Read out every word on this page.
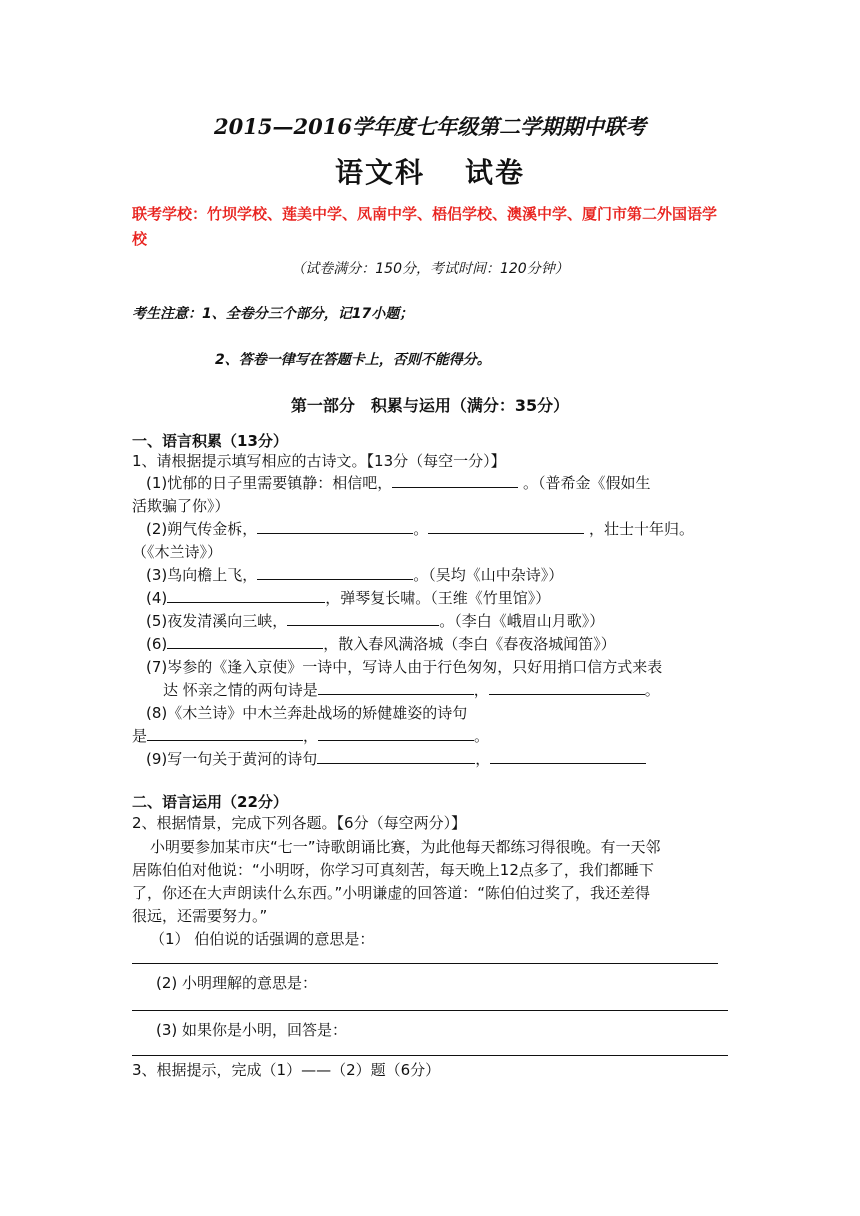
2015—2016学年度七年级第二学期期中联考
语文科 试卷
联考学校：竹坝学校、莲美中学、凤南中学、梧侣学校、澳溪中学、厦门市第二外国语学
校
（试卷满分：150分，考试时间：120分钟）
考生注意：1、全卷分三个部分，记17小题；
2、答卷一律写在答题卡上，否则不能得分。
第一部分　积累与运用（满分：35分）
一、语言积累（13分）
1、请根据提示填写相应的古诗文。【13分（每空一分）】
(1)忧郁的日子里需要镇静：相信吧，	。（普希金《假如生
活欺骗了你》）
(2)朔气传金柝，	。	，壮士十年归。
（《木兰诗》）
(3)鸟向檐上飞，	。（吴均《山中杂诗》）
(4)	，弹琴复长啸。（王维《竹里馆》）
(5)夜发清溪向三峡，	。（李白《峨眉山月歌》）
(6)	，散入春风满洛城（李白《春夜洛城闻笛》）
(7)岑参的《逢入京使》一诗中，写诗人由于行色匆匆，只好用捎口信方式来表
达 怀亲之情的两句诗是	，	。
(8)《木兰诗》中木兰奔赴战场的矫健雄姿的诗句
是	，	。
(9)写一句关于黄河的诗句	，
二、语言运用（22分）
2、根据情景，完成下列各题。【6分（每空两分）】
小明要参加某市庆“七一”诗歌朗诵比赛，为此他每天都练习得很晚。有一天邻
居陈伯伯对他说：“小明呀，你学习可真刻苦，每天晚上12点多了，我们都睡下
了，你还在大声朗读什么东西。”小明谦虚的回答道：“陈伯伯过奖了，我还差得
很远，还需要努力。”
（1） 伯伯说的话强调的意思是：
(2) 小明理解的意思是：
(3) 如果你是小明，回答是：
3、根据提示，完成（1）——（2）题（6分）
